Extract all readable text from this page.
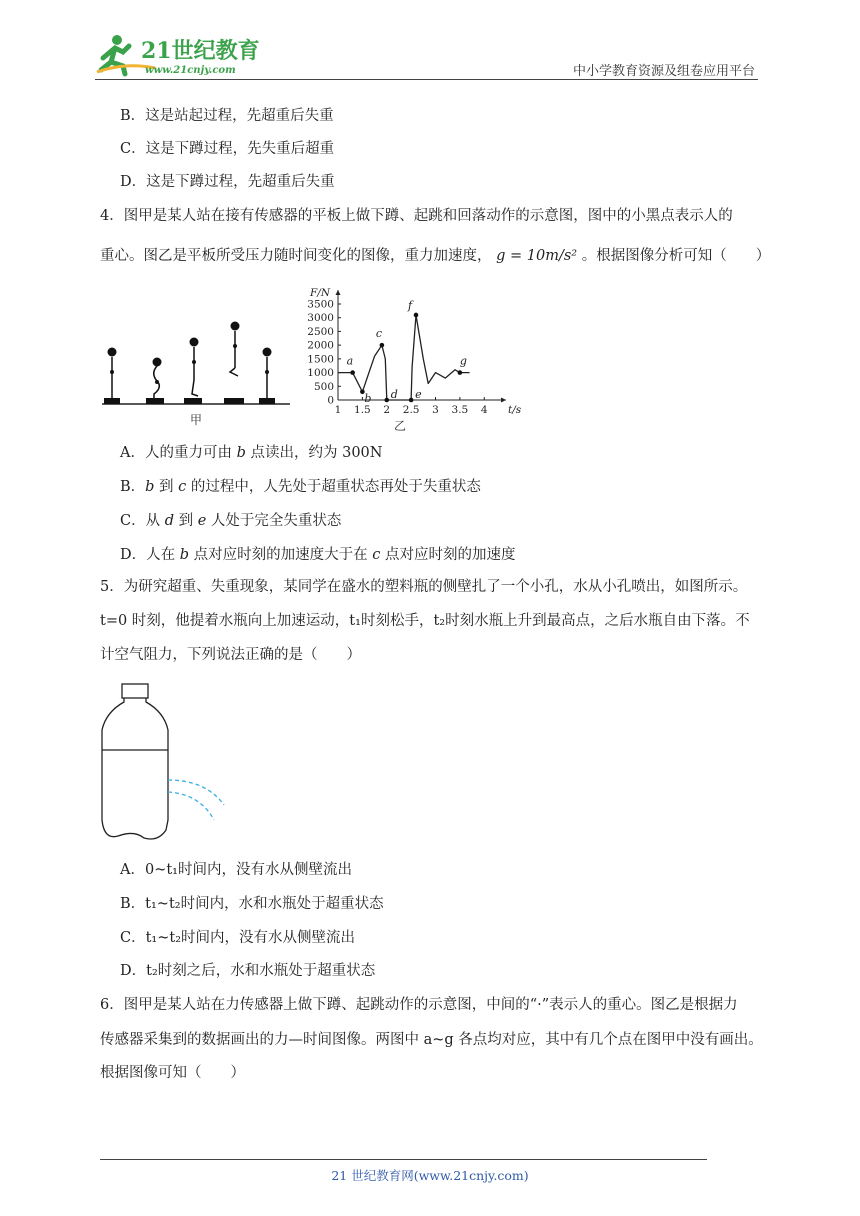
21世纪教育
www.21cnjy.com	中小学教育资源及组卷应用平台
B．这是站起过程，先超重后失重
C．这是下蹲过程，先失重后超重
D．这是下蹲过程，先超重后失重
4．图甲是某人站在接有传感器的平板上做下蹲、起跳和回落动作的示意图，图中的小黑点表示人的
重心。图乙是平板所受压力随时间变化的图像，重力加速度， g = 10m/s² 。根据图像分析可知（　　）
甲
0
500
1000
1500
2000
2500
3000
3500
1 1.5 2 2.5 3 3.5 4
F/N
t/s
a
b
c
d e
f
g
乙
A．人的重力可由 b 点读出，约为 300N
B．b 到 c 的过程中，人先处于超重状态再处于失重状态
C．从 d 到 e 人处于完全失重状态
D．人在 b 点对应时刻的加速度大于在 c 点对应时刻的加速度
5．为研究超重、失重现象，某同学在盛水的塑料瓶的侧壁扎了一个小孔，水从小孔喷出，如图所示。
t=0 时刻，他提着水瓶向上加速运动，t₁时刻松手，t₂时刻水瓶上升到最高点，之后水瓶自由下落。不
计空气阻力，下列说法正确的是（　　）
A．0~t₁时间内，没有水从侧壁流出
B．t₁~t₂时间内，水和水瓶处于超重状态
C．t₁~t₂时间内，没有水从侧壁流出
D．t₂时刻之后，水和水瓶处于超重状态
6．图甲是某人站在力传感器上做下蹲、起跳动作的示意图，中间的“·”表示人的重心。图乙是根据力
传感器采集到的数据画出的力—时间图像。两图中 a~g 各点均对应，其中有几个点在图甲中没有画出。
根据图像可知（　　）
21 世纪教育网(www.21cnjy.com)
